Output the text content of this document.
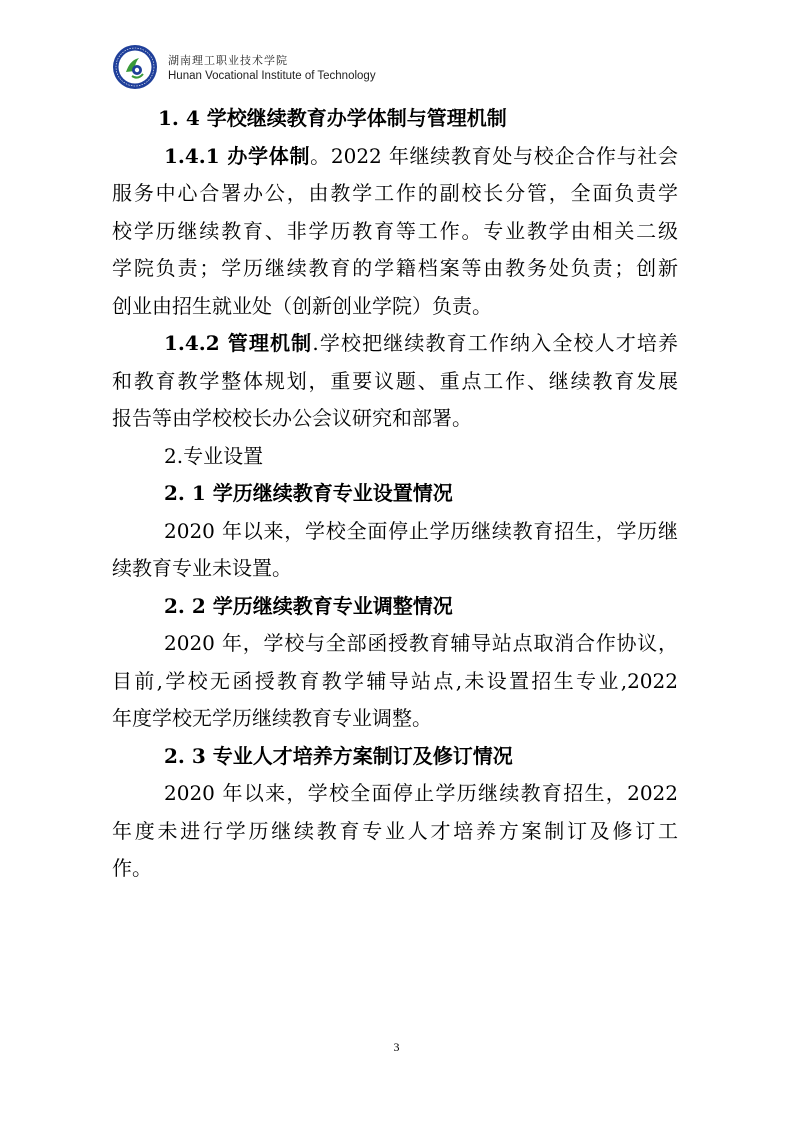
湖南理工职业技术学院
Hunan Vocational Institute of Technology
1. 4 学校继续教育办学体制与管理机制
1.4.1 办学体制。2022 年继续教育处与校企合作与社会
服务中心合署办公，由教学工作的副校长分管，全面负责学
校学历继续教育、非学历教育等工作。专业教学由相关二级
学院负责；学历继续教育的学籍档案等由教务处负责；创新
创业由招生就业处（创新创业学院）负责。
1.4.2 管理机制.学校把继续教育工作纳入全校人才培养
和教育教学整体规划，重要议题、重点工作、继续教育发展
报告等由学校校长办公会议研究和部署。
2.专业设置
2. 1 学历继续教育专业设置情况
2020 年以来，学校全面停止学历继续教育招生，学历继
续教育专业未设置。
2. 2 学历继续教育专业调整情况
2020 年，学校与全部函授教育辅导站点取消合作协议，
目前,学校无函授教育教学辅导站点,未设置招生专业,2022
年度学校无学历继续教育专业调整。
2. 3 专业人才培养方案制订及修订情况
2020 年以来，学校全面停止学历继续教育招生，2022
年度未进行学历继续教育专业人才培养方案制订及修订工
作。
3
